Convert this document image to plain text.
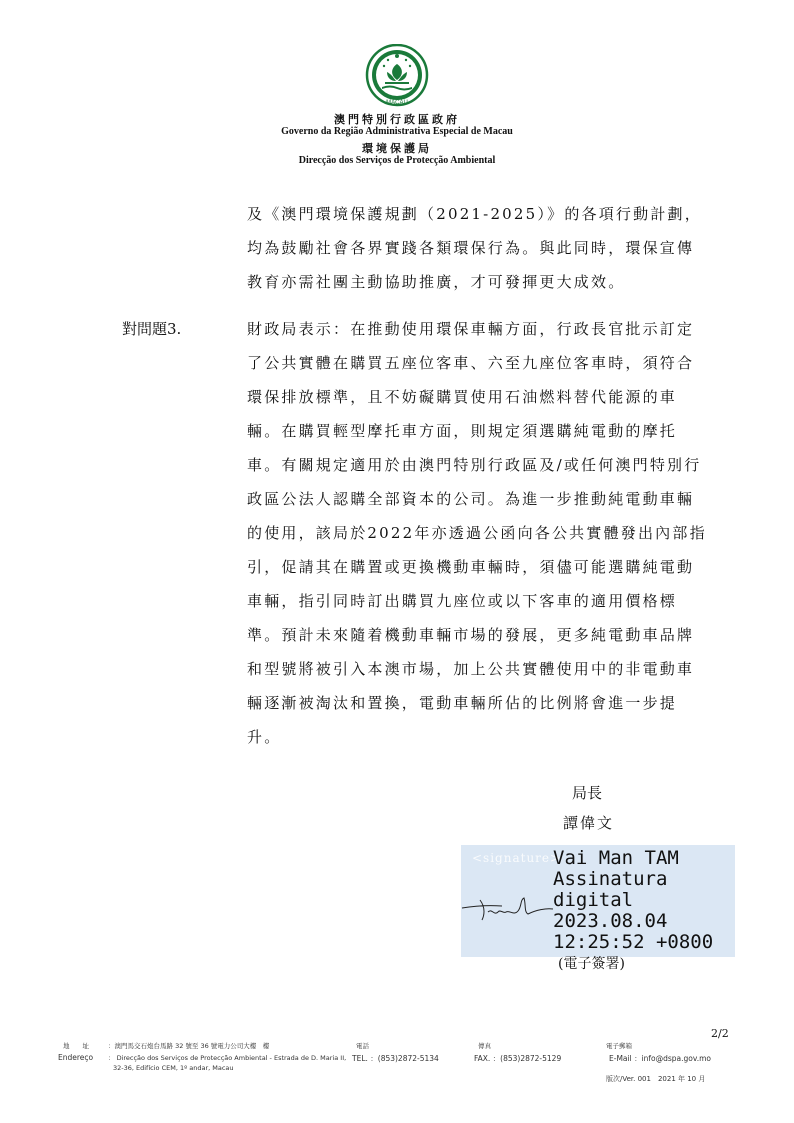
MACAU
澳門特別行政區政府
Governo da Região Administrativa Especial de Macau
環境保護局
Direcção dos Serviços de Protecção Ambiental
及《澳門環境保護規劃（2021-2025）》的各項行動計劃，
均為鼓勵社會各界實踐各類環保行為。與此同時，環保宣傳
教育亦需社團主動協助推廣，才可發揮更大成效。
對問題3.	財政局表示：在推動使用環保車輛方面，行政長官批示訂定
了公共實體在購買五座位客車、六至九座位客車時，須符合
環保排放標準，且不妨礙購買使用石油燃料替代能源的車
輛。在購買輕型摩托車方面，則規定須選購純電動的摩托
車。有關規定適用於由澳門特別行政區及/或任何澳門特別行
政區公法人認購全部資本的公司。為進一步推動純電動車輛
的使用，該局於2022年亦透過公函向各公共實體發出內部指
引，促請其在購置或更換機動車輛時，須儘可能選購純電動
車輛，指引同時訂出購買九座位或以下客車的適用價格標
準。預計未來隨着機動車輛市場的發展，更多純電動車品牌
和型號將被引入本澳市場，加上公共實體使用中的非電動車
輛逐漸被淘汰和置換，電動車輛所佔的比例將會進一步提
升。
局長
譚偉文
<signature>
Vai Man TAM
Assinatura
digital
2023.08.04
12:25:52 +0800
(電子簽署)
2/2
地　　址	：澳門馬交石炮台馬路 32 號至 36 號電力公司大樓　樓
Endereço ： Direcção dos Serviços de Protecção Ambiental - Estrada de D. Maria II,
32-36, Edifício CEM, 1º andar, Macau
電話
TEL. ：(853)2872-5134
傳真
FAX. ：(853)2872-5129
電子郵箱
E-Mail ：info@dspa.gov.mo
版次/Ver. 001　2021 年 10 月
